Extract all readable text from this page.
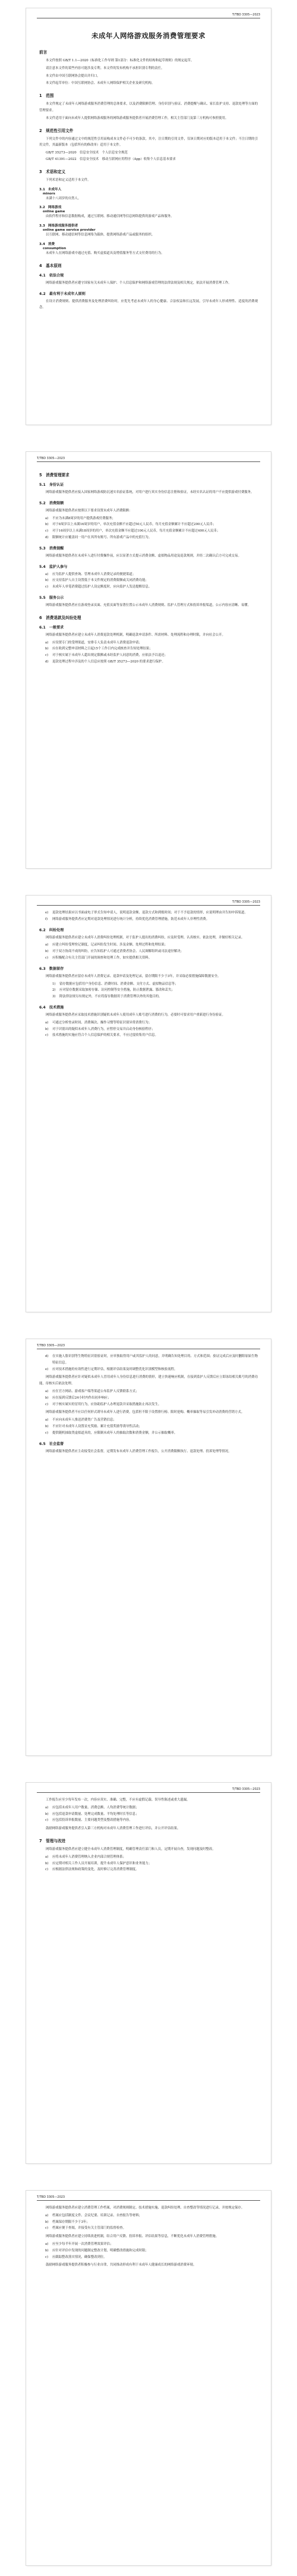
T/TBD 3305—2023
未成年人网络游戏服务消费管理要求
前言

本文件按照 GB/T 1.1—2020《标准化工作导则 第1部分：标准化文件的结构和起草规则》的规定起草。

请注意本文件的某些内容可能涉及专利。本文件的发布机构不承担识别专利的责任。

本文件由中国互联网协会提出并归口。

本文件起草单位：中国互联网协会、未成年人网络保护相关企业及研究机构。

1　范围

本文件规定了未成年人网络游戏服务消费管理的总体要求，以及消费限额管理、身份识别与验证、消费提醒与确认、家长监护支持、退款处理等方面的管理要求。

本文件适用于面向未成年人提供网络游戏服务的网络游戏服务提供者开展消费管理工作，相关主管部门及第三方机构可参照使用。

2　规范性引用文件

下列文件中的内容通过文中的规范性引用而构成本文件必不可少的条款。其中，注日期的引用文件，仅该日期对应的版本适用于本文件；不注日期的引用文件，其最新版本（包括所有的修改单）适用于本文件。

GB/T 35273—2020　信息安全技术　个人信息安全规范
GB/T 41391—2022　信息安全技术　移动互联网应用程序（App）收集个人信息基本要求
3　术语和定义

下列术语和定义适用于本文件。

3.1 未成年人
minors

未满十八周岁的自然人。

3.2 网络游戏
online game

由软件程序和信息数据构成，通过互联网、移动通信网等信息网络提供的游戏产品和服务。

3.3 网络游戏服务提供者
online game service provider

以互联网、移动通信网等信息网络为载体，提供网络游戏产品或服务的组织。

3.4 消费
consumption

未成年人在网络游戏中通过充值、购买虚拟道具及增值服务等方式支付费用的行为。

4　基本原则
4.1　依法合规

网络游戏服务提供者应遵守国家有关未成年人保护、个人信息保护和网络游戏管理的法律法规及相关规定，依法开展消费管理工作。

4.2　最有利于未成年人原则

在设计消费规则、提供消费服务及处理消费纠纷时，应优先考虑未成年人的身心健康、合法权益和长远发展，引导未成年人形成理性、适度的消费观念。

T/TBD 3305—2023
5　消费管理要求
5.1　身份认证

网络游戏服务提供者应接入国家网络游戏防沉迷实名验证系统，对用户进行真实身份信息注册和验证，未经实名认证的用户不应提供游戏付费服务。

5.2　消费限额

网络游戏服务提供者应按照以下要求设置未成年人消费限额：

a) 不应为未满8周岁的用户提供游戏付费服务；
b) 对于8周岁以上未满16周岁的用户，单次充值金额不应超过50元人民币，每月充值金额累计不应超过200元人民币；
c) 对于16周岁以上未满18周岁的用户，单次充值金额不应超过100元人民币，每月充值金额累计不应超过400元人民币；
d) 限额统计应覆盖同一用户在其所有账号、所有游戏产品中的充值行为。
5.3　消费提醒

网络游戏服务提供者在未成年人进行付费操作前，应以显著方式提示消费金额、虚拟物品用途及退款规则，并经二次确认后方可完成交易。

5.4　监护人参与
a) 应为监护人提供查询、管理未成年人消费记录的便捷渠道；
b) 应支持监护人自主设置低于本文件规定的消费限额或关闭消费功能；
c) 未成年人单笔消费超过监护人设定额度时，应向监护人发送提醒信息。
5.5　服务公示

网络游戏服务提供者应在游戏登录页面、充值页面等显著位置公示未成年人消费规则、监护人管理方式和投诉举报渠道，公示内容应清晰、易懂。

6　消费退款及纠纷处理
6.1　一般要求

网络游戏服务提供者应建立未成年人消费退款处理机制，明确退款申请条件、所需材料、处理流程和办理时限，并向社会公开。

a) 应设置专门的受理渠道，安排专人负责未成年人消费退款申请；
b) 应在收到完整申请材料之日起15个工作日内完成核查并告知处理结果；
c) 对于核实属于未成年人超出规定限额或未经监护人同意的消费，应依法予以退还；
d) 退款处理过程中涉及的个人信息应按照 GB/T 35273—2020 的要求进行保护。
T/TBD 3305—2023
e) 退款处理结果应以书面或电子形式告知申请人，说明退款金额、退款方式和到账时间；对于不予退款的情形，应说明理由并告知申诉渠道。
f) 网络游戏服务提供者应定期对退款处理情况进行统计分析，持续优化消费管理措施，防范未成年人非理性消费。
6.2　纠纷处理

网络游戏服务提供者应建立未成年人消费纠纷处理机制，对于监护人提出的消费纠纷，应及时受理、认真核实、依法处理，并做好相关记录。

a) 应建立纠纷受理登记制度，记录纠纷发生时间、涉及金额、处理过程和处理结果；
b) 对于双方协商不成的纠纷，应告知监护人可通过消费者协会、人民调解组织或司法途径解决；
c) 应积极配合有关主管部门开展的调查和处理工作，如实提供相关资料。
6.3　数据留存

网络游戏服务提供者应留存未成年人消费记录、退款申请及处理记录，留存期限不少于3年，并采取必要措施保障数据安全。

1) 留存数据应包括用户身份信息、消费时间、消费金额、支付方式、虚拟物品信息等；
2) 应对留存数据采取加密存储、访问控制等安全措施，防止数据泄露、篡改和丢失；
3) 除法律法规另有规定外，不应将留存数据用于消费管理以外的其他目的。
6.4　技术措施

网络游戏服务提供者应采取技术措施识别疑似未成年人使用成年人账号进行消费的行为，必要时可要求用户重新进行身份验证。

a) 可通过分析登录时间、消费频次、操作习惯等特征识别异常消费行为；
b) 对于识别出的疑似未成年人消费行为，应暂停交易并启动身份核验程序；
c) 技术措施的实施应符合个人信息保护的相关要求，不应过度收集用户信息。
T/TBD 3305—2023
d) 在实施人脸识别等生物特征识别验证时，应单独取得用户或其监护人的同意，并明确告知处理目的、方式和范围；验证完成后应及时删除原始生物特征信息。
e) 应对技术措施的有效性进行定期评估，根据评估结果及时调整优化识别模型和核验流程。

网络游戏服务提供者应针对疑似未成年人冒用成年人身份信息进行消费的情形，建立快速响应机制，在接到监护人反馈后应立即冻结相关账号的消费功能，待核实后依法处理。

a) 应在官方网站、游戏客户端等渠道公布监护人反馈联系方式；
b) 应在接到反馈后24小时内作出初步响应；
c) 对于核实属实的冒用行为，应协助监护人办理退款并采取措施防止再次发生。

网络游戏服务提供者不应以任何形式诱导未成年人进行消费，包括但不限于设置排行榜、限时抢购、概率抽取等易引发冲动消费的营销方式。

a) 不应向未成年人推送消费类广告及营销信息；
b) 不应针对未成年人设置首充奖励、累计充值奖励等诱导性活动；
c) 提供随机抽取类虚拟道具的，应限制未成年人的抽取次数和消费金额，并公示抽取概率。
6.5　社会监督

网络游戏服务提供者应主动接受社会监督，定期发布未成年人消费管理工作报告，公开消费限额执行、退款处理、投诉处理等情况。

T/TBD 3305—2023

工作报告应至少每年发布一次，内容应真实、准确、完整，不应有虚假记载、误导性陈述或重大遗漏。

a) 应包括未成年人用户数量、消费总额、人均消费等统计数据；
b) 应包括退款申请数量、处理完成数量、平均处理时长等信息；
c) 应包括投诉举报数量、主要问题类型及整改措施等内容。

鼓励网络游戏服务提供者引入第三方机构对未成年人消费管理工作进行评估，并公开评估结果。

7　管理与改进

网络游戏服务提供者应建立健全未成年人消费管理制度，明确管理责任部门和人员，定期开展自查，发现问题及时整改。

a) 应将未成年人消费管理纳入企业内部合规管理体系；
b) 应定期对相关工作人员开展培训，提升未成年人保护意识和业务能力；
c) 应根据法律法规和政策的变化，及时修订完善消费管理制度。
T/TBD 3305—2023

网络游戏服务提供者应建立消费管理工作档案，对消费规则制定、技术措施实施、退款纠纷处理、自查整改等情况进行记录，并按规定保存。

a) 档案应包括制度文件、会议纪要、培训记录、自查报告等材料；
b) 档案保存期限不少于3年；
c) 档案应便于查阅，并接受有关主管部门的监督检查。

网络游戏服务提供者应建立持续改进机制，结合用户反馈、投诉举报、评估结果等信息，不断优化未成年人消费管理措施。

a) 应至少每半年开展一次消费管理效果评估；
b) 应针对评估中发现的问题制定整改计划，明确整改措施和完成时限；
c) 应跟踪整改落实情况，确保整改到位。

鼓励网络游戏服务提供者积极参与行业自律，共同推动形成有利于未成年人健康成长的网络游戏消费环境。
